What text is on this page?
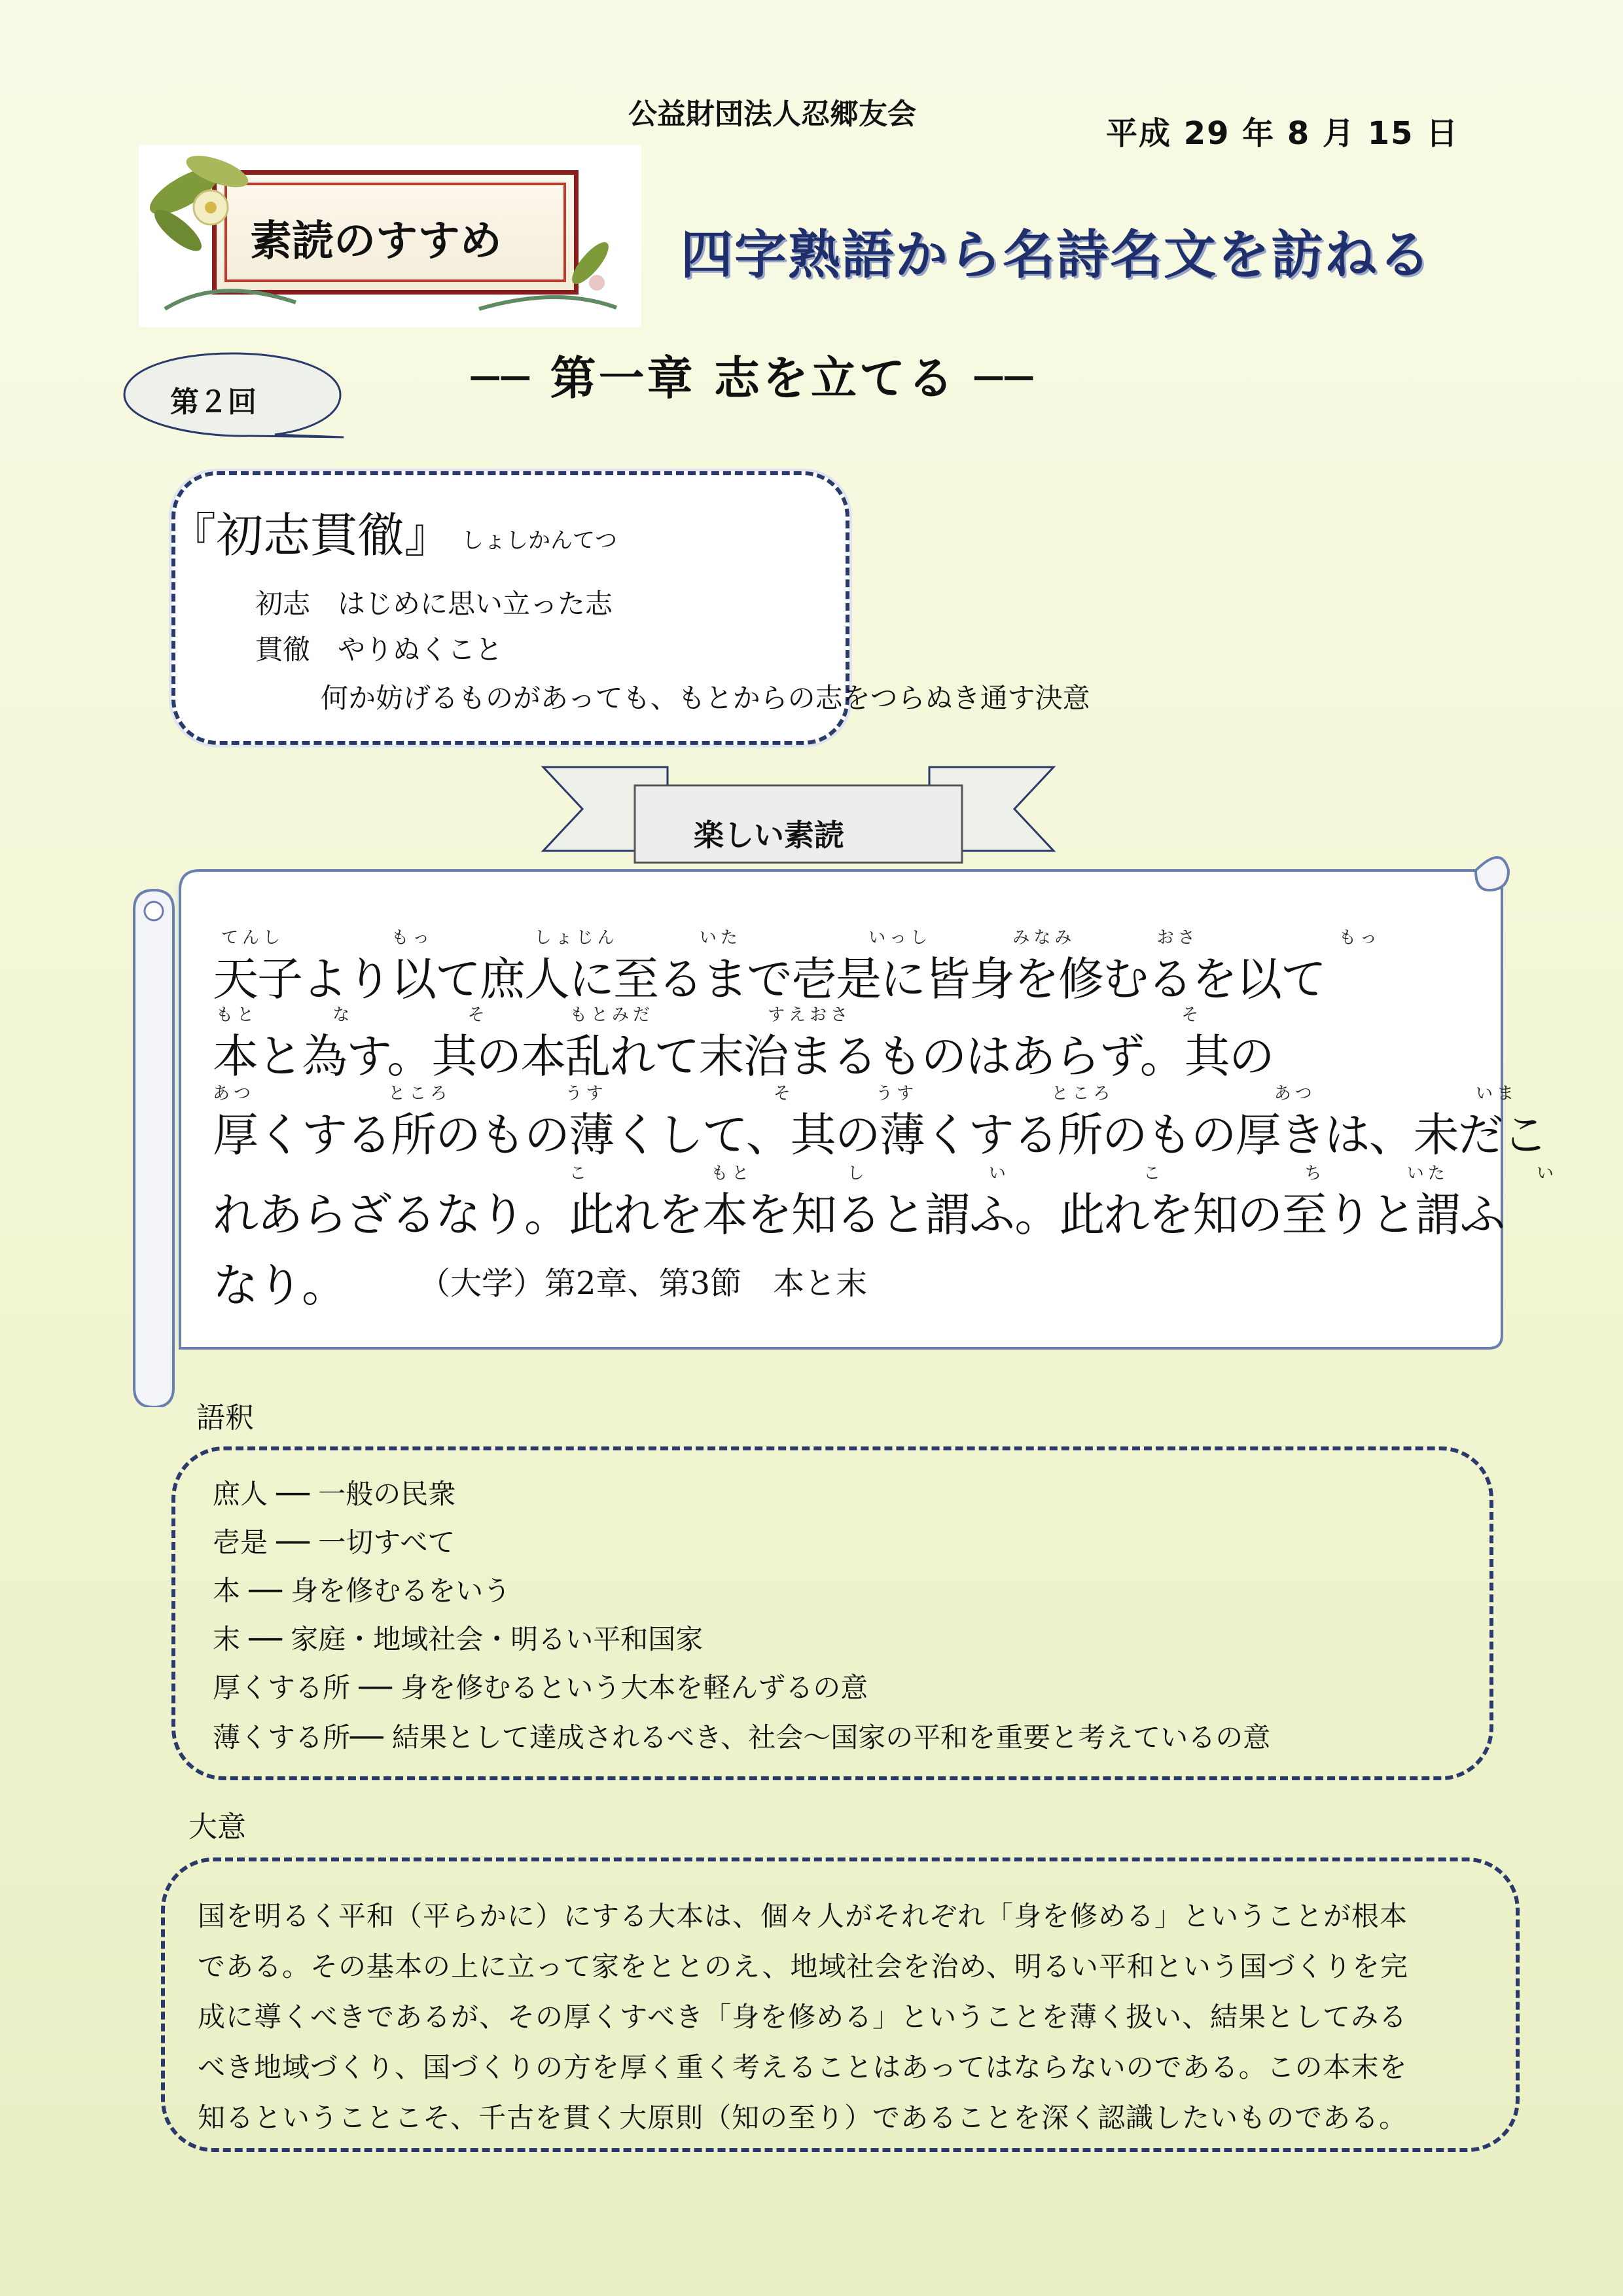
公益財団法人忍郷友会
平成 29 年 8 月 15 日
素読のすすめ	四字熟語から名詩名文を訪ねる
── 第一章 志を立てる ──
第２回
『初志貫徹』 しょしかんてつ
初志　はじめに思い立った志
貫徹　やりぬくこと
何か妨げるものがあっても、もとからの志をつらぬき通す決意
楽しい素読
てんし	もっ	しょじん	いた	いっし	みなみ	おさ	もっ
天子より以て庶人に至るまで壱是に皆身を修むるを以て
もと	な	そ	もとみだ	すえおさ	そ
本と為す。其の本乱れて末治まるものはあらず。其の
あつ	ところ	うす	そ	うす	ところ	あつ	いま
厚くする所のもの薄くして、其の薄くする所のもの厚きは、未だこ
こ	もと	し	い	こ	ち	いた	い
れあらざるなり。此れを本を知ると謂ふ。此れを知の至りと謂ふ
なり。 （大学）第2章、第3節　本と末
語釈
庶人 ── 一般の民衆
壱是 ── 一切すべて
本 ── 身を修むるをいう
末 ── 家庭・地域社会・明るい平和国家
厚くする所 ── 身を修むるという大本を軽んずるの意
薄くする所── 結果として達成されるべき、社会～国家の平和を重要と考えているの意
大意
国を明るく平和（平らかに）にする大本は、個々人がそれぞれ「身を修める」ということが根本
である。その基本の上に立って家をととのえ、地域社会を治め、明るい平和という国づくりを完
成に導くべきであるが、その厚くすべき「身を修める」ということを薄く扱い、結果としてみる
べき地域づくり、国づくりの方を厚く重く考えることはあってはならないのである。この本末を
知るということこそ、千古を貫く大原則（知の至り）であることを深く認識したいものである。
